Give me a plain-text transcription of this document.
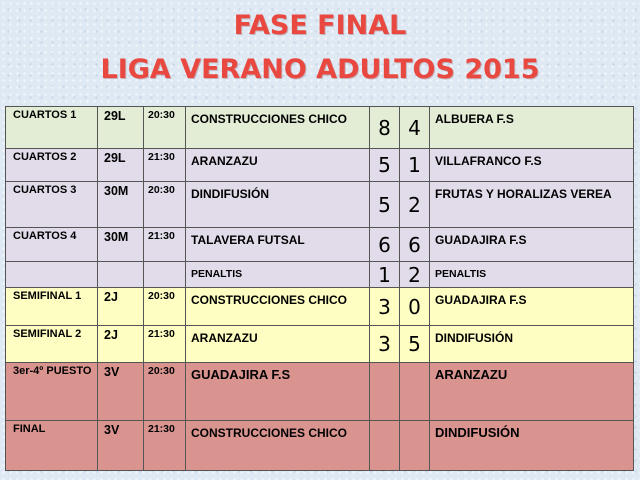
FASE FINAL
LIGA VERANO ADULTOS 2015
CUARTOS 1	29L	20:30	CONSTRUCCIONES CHICO	8	4	ALBUERA F.S
CUARTOS 2	29L	21:30	ARANZAZU	5	1	VILLAFRANCO F.S
CUARTOS 3	30M	20:30	DINDIFUSIÓN	5	2	FRUTAS Y HORALIZAS VEREA
CUARTOS 4	30M	21:30	TALAVERA FUTSAL	6	6	GUADAJIRA F.S
			PENALTIS	1	2	PENALTIS
SEMIFINAL 1	2J	20:30	CONSTRUCCIONES CHICO	3	0	GUADAJIRA F.S
SEMIFINAL 2	2J	21:30	ARANZAZU	3	5	DINDIFUSIÓN
3er-4º PUESTO	3V	20:30	GUADAJIRA F.S			ARANZAZU
FINAL	3V	21:30	CONSTRUCCIONES CHICO			DINDIFUSIÓN
